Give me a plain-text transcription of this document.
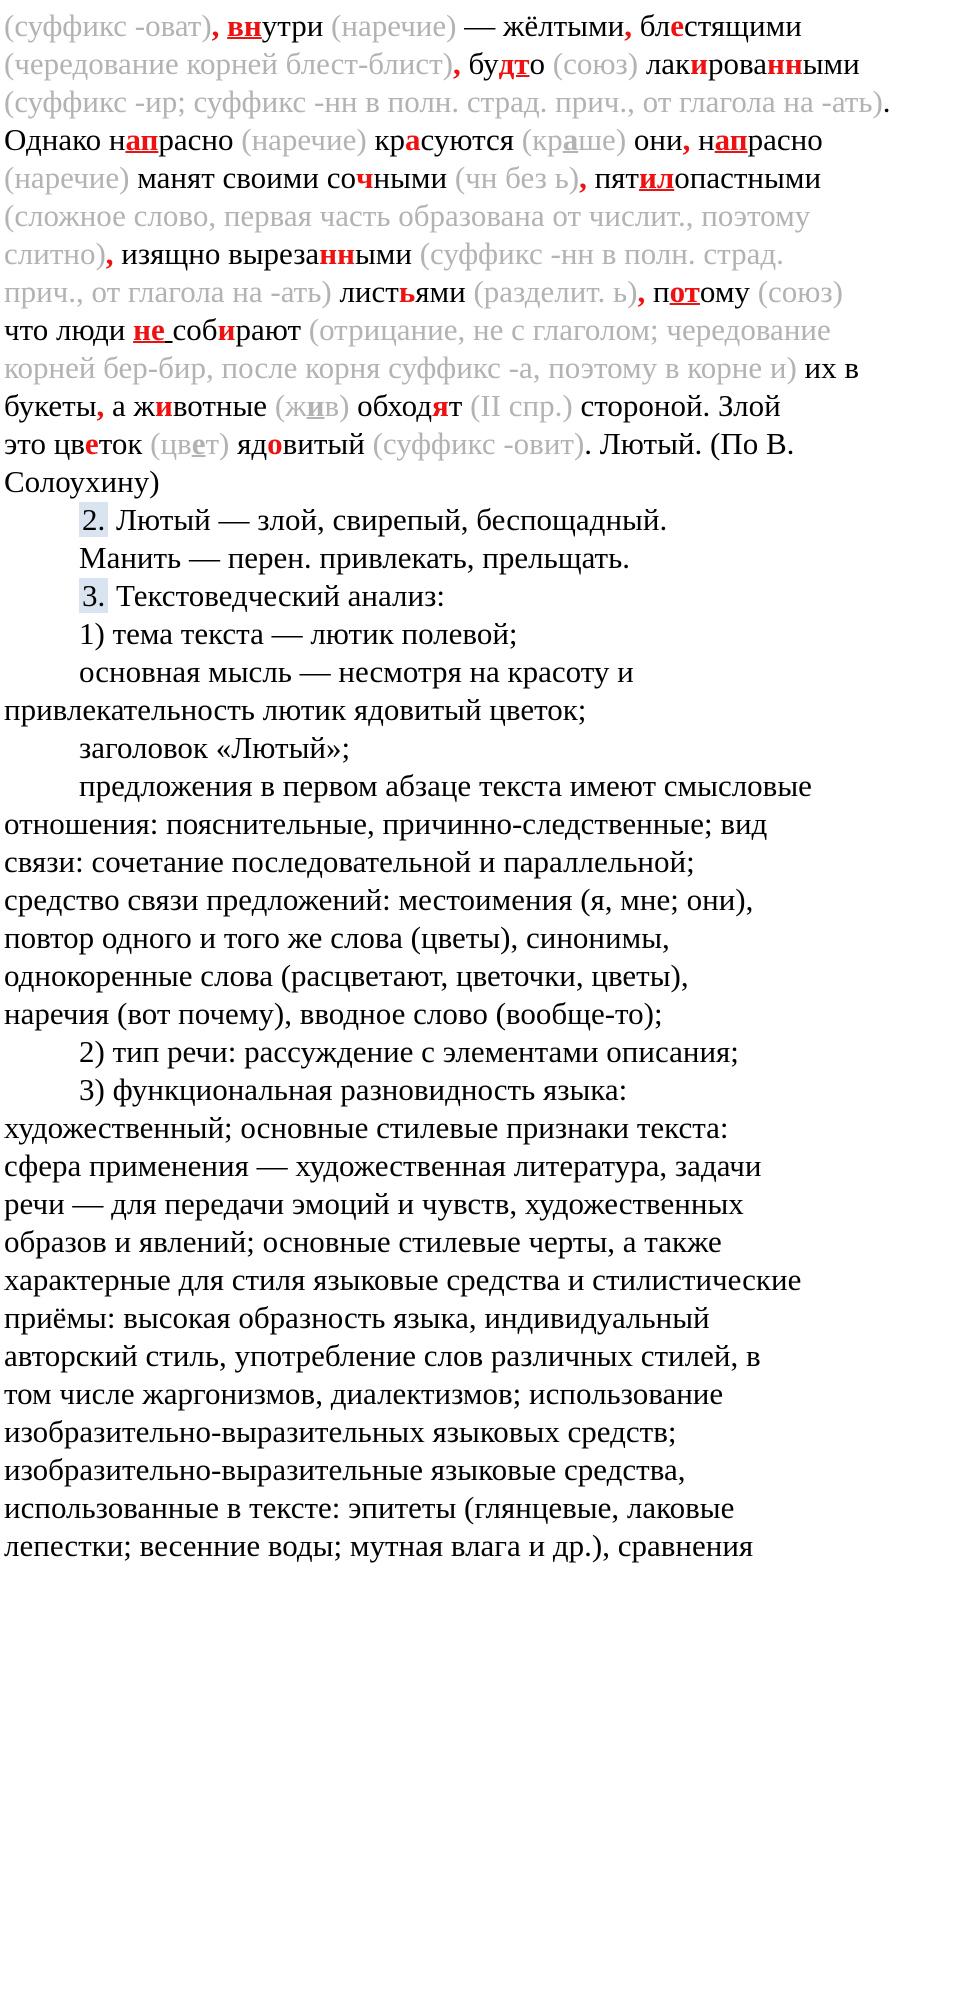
(суффикс -оват), внутри (наречие) — жёлтыми, блестящими
(чередование корней блест-блист), будто (союз) лакированными
(суффикс -ир; суффикс -нн в полн. страд. прич., от глагола на -ать).
Однако напрасно (наречие) красуются (краше) они, напрасно
(наречие) манят своими сочными (чн без ь), пятилопастными
(сложное слово, первая часть образована от числит., поэтому
слитно), изящно вырезанными (суффикс -нн в полн. страд.
прич., от глагола на -ать) листьями (разделит. ь), потому (союз)
что люди не собирают (отрицание, не с глаголом; чередование
корней бер-бир, после корня суффикс -а, поэтому в корне и) их в
букеты, а животные (жив) обходят (II спр.) стороной. Злой
это цветок (цвет) ядовитый (суффикс -овит). Лютый. (По В.
Солоухину)
2. Лютый — злой, свирепый, беспощадный.
Манить — перен. привлекать, прельщать.
3. Текстоведческий анализ:
1) тема текста — лютик полевой;
основная мысль — несмотря на красоту и
привлекательность лютик ядовитый цветок;
заголовок «Лютый»;
предложения в первом абзаце текста имеют смысловые
отношения: пояснительные, причинно-следственные; вид
связи: сочетание последовательной и параллельной;
средство связи предложений: местоимения (я, мне; они),
повтор одного и того же слова (цветы), синонимы,
однокоренные слова (расцветают, цветочки, цветы),
наречия (вот почему), вводное слово (вообще-то);
2) тип речи: рассуждение с элементами описания;
3) функциональная разновидность языка:
художественный; основные стилевые признаки текста:
сфера применения — художественная литература, задачи
речи — для передачи эмоций и чувств, художественных
образов и явлений; основные стилевые черты, а также
характерные для стиля языковые средства и стилистические
приёмы: высокая образность языка, индивидуальный
авторский стиль, употребление слов различных стилей, в
том числе жаргонизмов, диалектизмов; использование
изобразительно-выразительных языковых средств;
изобразительно-выразительные языковые средства,
использованные в тексте: эпитеты (глянцевые, лаковые
лепестки; весенние воды; мутная влага и др.), сравнения
